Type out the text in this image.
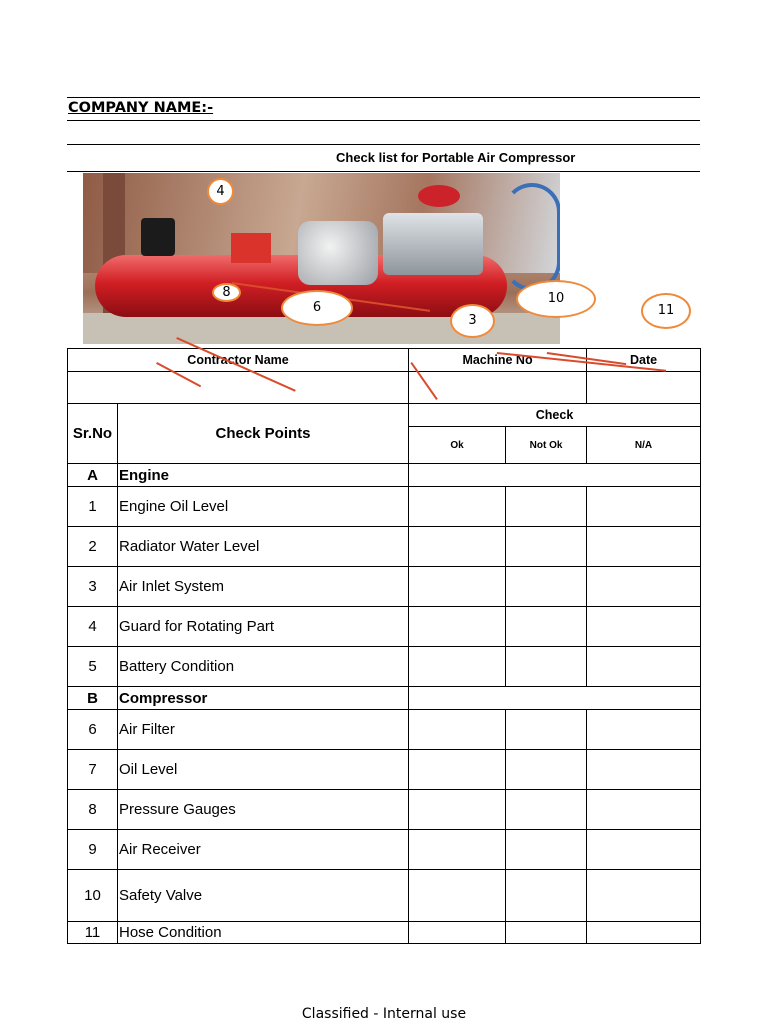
COMPANY NAME:-
Check list for Portable Air Compressor
4
8
6
3
10
11
Contractor Name		Machine No		Date

Sr.No	Check Points	Check		
		Ok	Not Ok	N/A
A	Engine			
1	Engine Oil Level			
2	Radiator Water Level			
3	Air Inlet System			
4	Guard for Rotating Part			
5	Battery Condition			
B	Compressor			
6	Air Filter			
7	Oil Level			
8	Pressure Gauges			
9	Air Receiver			
10	Safety Valve			
11	Hose Condition			
Classified - Internal use
